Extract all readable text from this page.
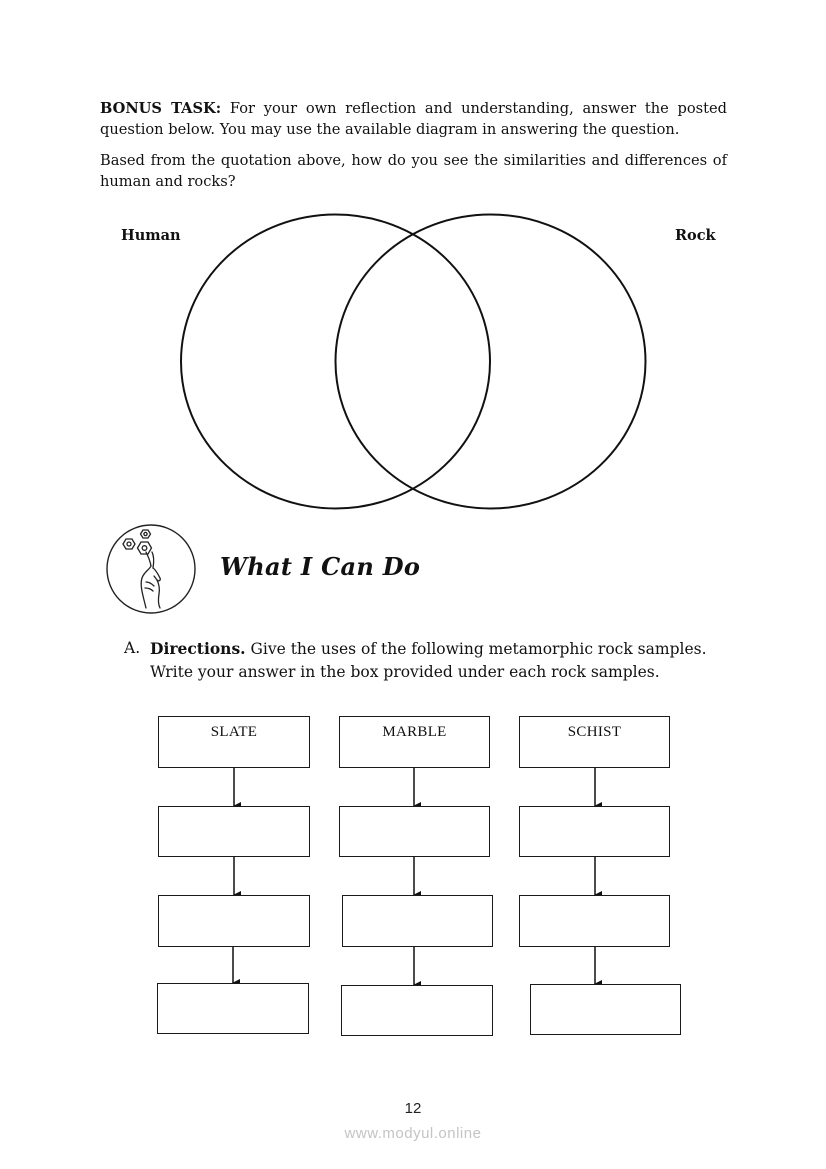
BONUS TASK: For your own reflection and understanding, answer the posted question below. You may use the available diagram in answering the question.

Based from the quotation above, how do you see the similarities and differences of human and rocks?

Human	Rock
What I Can Do
A. Directions. Give the uses of the following metamorphic rock samples. Write your answer in the box provided under each rock samples.
SLATE	MARBLE	SCHIST
12
www.modyul.online
